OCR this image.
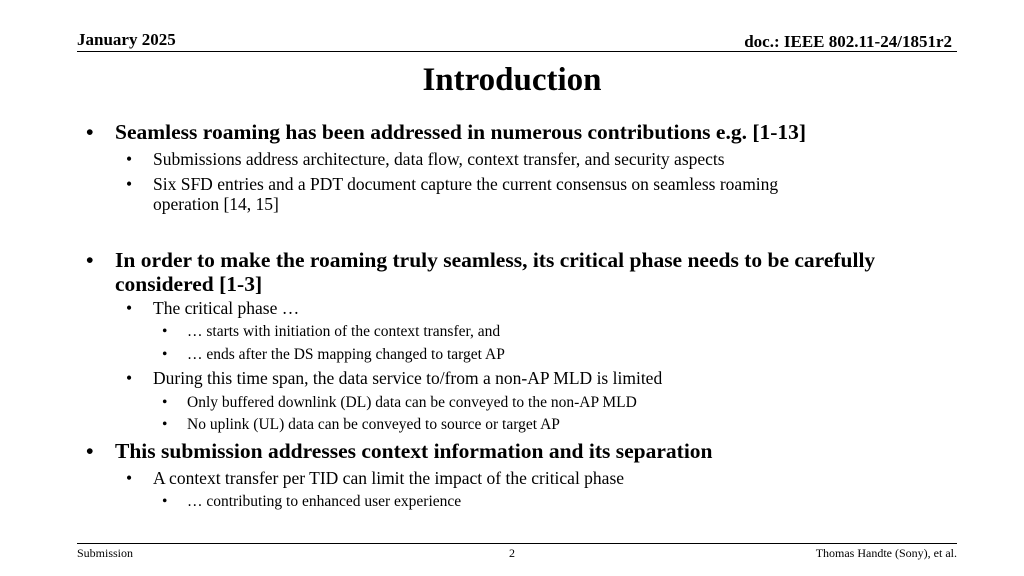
January 2025	doc.: IEEE 802.11-24/1851r2
Introduction
• Seamless roaming has been addressed in numerous contributions e.g. [1-13]
• Submissions address architecture, data flow, context transfer, and security aspects
• Six SFD entries and a PDT document capture the current consensus on seamless roaming
operation [14, 15]
• In order to make the roaming truly seamless, its critical phase needs to be carefully
considered [1-3]
• The critical phase …
• … starts with initiation of the context transfer, and
• … ends after the DS mapping changed to target AP
• During this time span, the data service to/from a non-AP MLD is limited
• Only buffered downlink (DL) data can be conveyed to the non-AP MLD
• No uplink (UL) data can be conveyed to source or target AP
• This submission addresses context information and its separation
• A context transfer per TID can limit the impact of the critical phase
• … contributing to enhanced user experience
Submission	2	Thomas Handte (Sony), et al.
